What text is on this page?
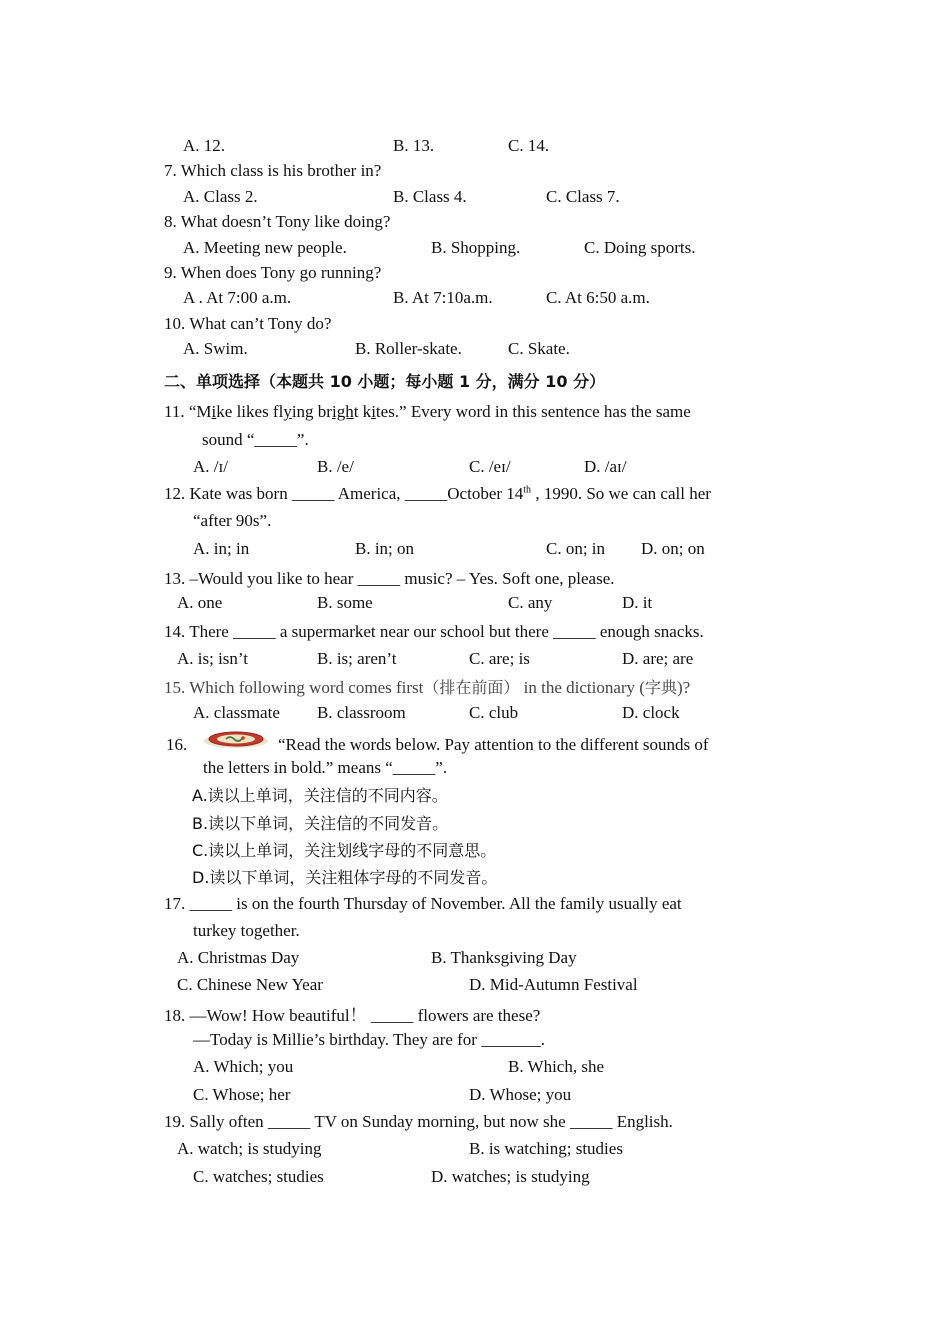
A. 12.	B. 13.	C. 14.
7. Which class is his brother in?
A. Class 2.	B. Class 4.	C. Class 7.
8. What doesn’t Tony like doing?
A. Meeting new people.	B. Shopping.	C. Doing sports.
9. When does Tony go running?
A . At 7:00 a.m.	B. At 7:10a.m.	C. At 6:50 a.m.
10. What can’t Tony do?
A. Swim.	B. Roller-skate.	C. Skate.
二、单项选择（本题共 10 小题；每小题 1 分，满分 10 分）
11. “Mike likes flying bright kites.” Every word in this sentence has the same
sound “_____”.
A. /ɪ/	B. /e/	C. /eɪ/	D. /aɪ/
12. Kate was born _____ America, _____October 14th , 1990. So we can call her
“after 90s”.
A. in; in	B. in; on	C. on; in D. on; on
13. –Would you like to hear _____ music? – Yes. Soft one, please.
A. one	B. some	C. any	D. it
14. There _____ a supermarket near our school but there _____ enough snacks.
A. is; isn’t	B. is; aren’t	C. are; is	D. are; are
15. Which following word comes first（排在前面） in the dictionary (字典)?
A. classmate B. classroom	C. club	D. clock
16.	“Read the words below. Pay attention to the different sounds of
the letters in bold.” means “_____”.
A.读以上单词，关注信的不同内容。
B.读以下单词，关注信的不同发音。
C.读以上单词，关注划线字母的不同意思。
D.读以下单词，关注粗体字母的不同发音。
17. _____ is on the fourth Thursday of November. All the family usually eat
turkey together.
A. Christmas Day	B. Thanksgiving Day
C. Chinese New Year	D. Mid-Autumn Festival
18. —Wow! How beautiful！ _____ flowers are these?
—Today is Millie’s birthday. They are for _______.
A. Which; you	B. Which, she
C. Whose; her	D. Whose; you
19. Sally often _____ TV on Sunday morning, but now she _____ English.
A. watch; is studying	B. is watching; studies
C. watches; studies	D. watches; is studying
